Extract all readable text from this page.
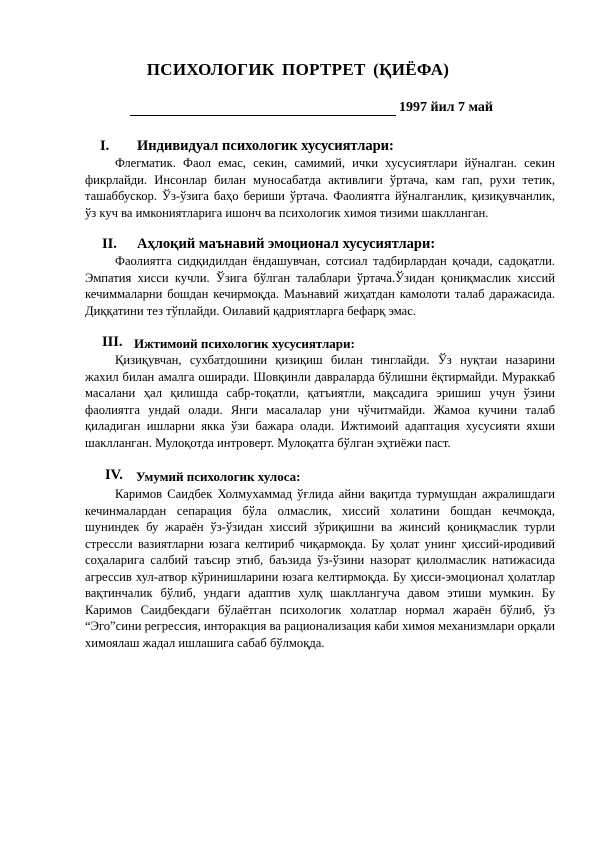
ПСИХОЛОГИК ПОРТРЕТ (ҚИЁФА)
1997 йил 7 май
I. Индивидуал психологик хусусиятлари:

Флегматик. Фаол емас, секин, самимий, ички хусусиятлари йўналган. секин фикрлайди. Инсонлар билан муносабатда активлиги ўртача, кам гап, рухи тетик, ташаббускор. Ўз-ўзига баҳо бериши ўртача. Фаолиятга йўналганлик, қизиқувчанлик, ўз куч ва имкониятларига ишонч ва психологик химоя тизими шаклланган.

II. Аҳлоқий маънавий эмоционал хусусиятлари:

Фаолиятга сидқидилдан ёндашувчан, сотсиал тадбирлардан қочади, садоқатли. Эмпатия хисси кучли. Ўзига бўлган талаблари ўртача.Ўзидан қониқмаслик хиссий кечиммаларни бошдан кечирмоқда. Маънавий жиҳатдан камолоти талаб даражасида. Диққатини тез тўплайди. Оилавий қадриятларга бефарқ эмас.

III. Ижтимоий психологик хусусиятлари:

Қизиқувчан, сухбатдошини қизиқиш билан тинглайди. Ўз нуқтаи назарини жахил билан амалга оширади. Шовқинли давраларда бўлишни ёқтирмайди. Мураккаб масалани ҳал қилишда сабр-тоқатли, қатъиятли, мақсадига эришиш учун ўзини фаолиятга ундай олади. Янги масалалар уни чўчитмайди. Жамоа кучини талаб қиладиган ишларни якка ўзи бажара олади. Ижтимоий адаптация хусусияти яхши шаклланган. Мулоқотда интроверт. Мулоқатга бўлган эҳтиёжи паст.

IV. Умумий психологик хулоса:

Каримов Саидбек Холмухаммад ўғлида айни вақитда турмушдан ажралишдаги кечинмалардан сепарация бўла олмаслик, хиссий холатини бошдан кечмоқда, шуниндек бу жараён ўз-ўзидан хиссий зўриқишни ва жинсий қониқмаслик турли стрессли вазиятларни юзага келтириб чиқармоқда. Бу ҳолат унинг ҳиссий-иродивий соҳаларига салбий таъсир этиб, баъзида ўз-ўзини назорат қилолмаслик натижасида агрессив хул-атвор кўринишларини юзага келтирмоқда. Бу ҳисси-эмоционал ҳолатлар вақтинчалик бўлиб, ундаги адаптив хулқ шакллангуча давом этиши мумкин. Бу Каримов Саидбекдаги бўлаётган психологик холатлар нормал жараён бўлиб, ўз “Эго”сини регрессия, инторакция ва рационализация каби химоя механизмлари орқали химоялаш жадал ишлашига сабаб бўлмоқда.
